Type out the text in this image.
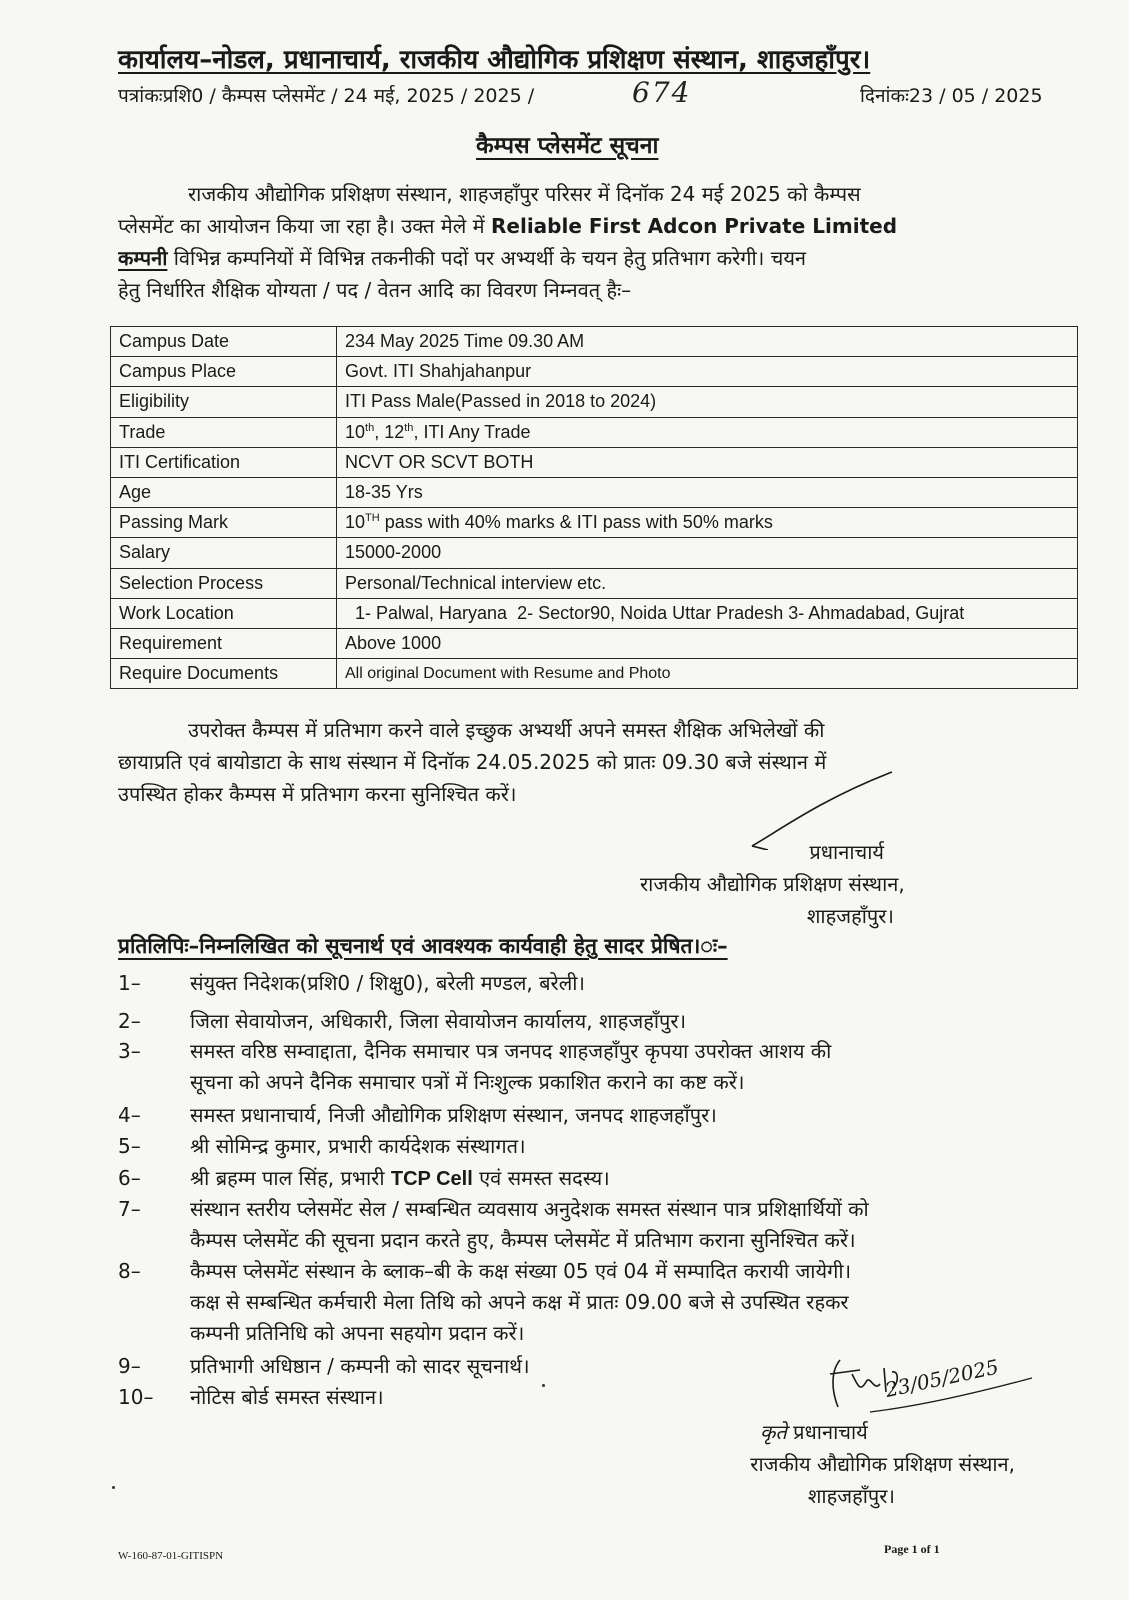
कार्यालय–नोडल, प्रधानाचार्य, राजकीय औद्योगिक प्रशिक्षण संस्थान, शाहजहाँपुर।
पत्रांकःप्रशि0 / कैम्पस प्लेसमेंट / 24 मई, 2025 / 2025 /	674	दिनांकः23 / 05 / 2025
कैम्पस प्लेसमेंट सूचना
राजकीय औद्योगिक प्रशिक्षण संस्थान, शाहजहाँपुर परिसर में दिनॉक 24 मई 2025 को कैम्पस
प्लेसमेंट का आयोजन किया जा रहा है। उक्त मेले में Reliable First Adcon Private Limited
कम्पनी विभिन्न कम्पनियों में विभिन्न तकनीकी पदों पर अभ्यर्थी के चयन हेतु प्रतिभाग करेगी। चयन
हेतु निर्धारित शैक्षिक योग्यता / पद / वेतन आदि का विवरण निम्नवत् हैः–
Campus Date	234 May 2025 Time 09.30 AM
Campus Place	Govt. ITI Shahjahanpur
Eligibility	ITI Pass Male(Passed in 2018 to 2024)
Trade	10th, 12th, ITI Any Trade
ITI Certification	NCVT OR SCVT BOTH
Age	18-35 Yrs
Passing Mark	10TH pass with 40% marks & ITI pass with 50% marks
Salary	15000-2000
Selection Process	Personal/Technical interview etc.
Work Location	1- Palwal, Haryana  2- Sector90, Noida Uttar Pradesh 3- Ahmadabad, Gujrat
Requirement	Above 1000
Require Documents	All original Document with Resume and Photo
उपरोक्त कैम्पस में प्रतिभाग करने वाले इच्छुक अभ्यर्थी अपने समस्त शैक्षिक अभिलेखों की
छायाप्रति एवं बायोडाटा के साथ संस्थान में दिनॉक 24.05.2025 को प्रातः 09.30 बजे संस्थान में
उपस्थित होकर कैम्पस में प्रतिभाग करना सुनिश्चित करें।
प्रधानाचार्य
राजकीय औद्योगिक प्रशिक्षण संस्थान,
शाहजहाँपुर।
प्रतिलिपिः–निम्नलिखित को सूचनार्थ एवं आवश्यक कार्यवाही हेतु सादर प्रेषित।ः–
1–	संयुक्त निदेशक(प्रशि0 / शिक्षु0), बरेली मण्डल, बरेली।
2–	जिला सेवायोजन, अधिकारी, जिला सेवायोजन कार्यालय, शाहजहाँपुर।
3–	समस्त वरिष्ठ सम्वाद्दाता, दैनिक समाचार पत्र जनपद शाहजहाँपुर कृपया उपरोक्त आशय की
सूचना को अपने दैनिक समाचार पत्रों में निःशुल्क प्रकाशित कराने का कष्ट करें।
4–	समस्त प्रधानाचार्य, निजी औद्योगिक प्रशिक्षण संस्थान, जनपद शाहजहाँपुर।
5–	श्री सोमिन्द्र कुमार, प्रभारी कार्यदेशक संस्थागत।
6–	श्री ब्रहम्म पाल सिंह, प्रभारी TCP Cell एवं समस्त सदस्य।
7–	संस्थान स्तरीय प्लेसमेंट सेल / सम्बन्धित व्यवसाय अनुदेशक समस्त संस्थान पात्र प्रशिक्षार्थियों को
कैम्पस प्लेसमेंट की सूचना प्रदान करते हुए, कैम्पस प्लेसमेंट में प्रतिभाग कराना सुनिश्चित करें।
8–	कैम्पस प्लेसमेंट संस्थान के ब्लाक–बी के कक्ष संख्या 05 एवं 04 में सम्पादित करायी जायेगी।
कक्ष से सम्बन्धित कर्मचारी मेला तिथि को अपने कक्ष में प्रातः 09.00 बजे से उपस्थित रहकर
कम्पनी प्रतिनिधि को अपना सहयोग प्रदान करें।
9–	प्रतिभागी अधिष्ठान / कम्पनी को सादर सूचनार्थ।
10–	नोटिस बोर्ड समस्त संस्थान।	23/05/2025
कृते प्रधानाचार्य
राजकीय औद्योगिक प्रशिक्षण संस्थान,
शाहजहाँपुर।
W-160-87-01-GITISPN	Page 1 of 1
